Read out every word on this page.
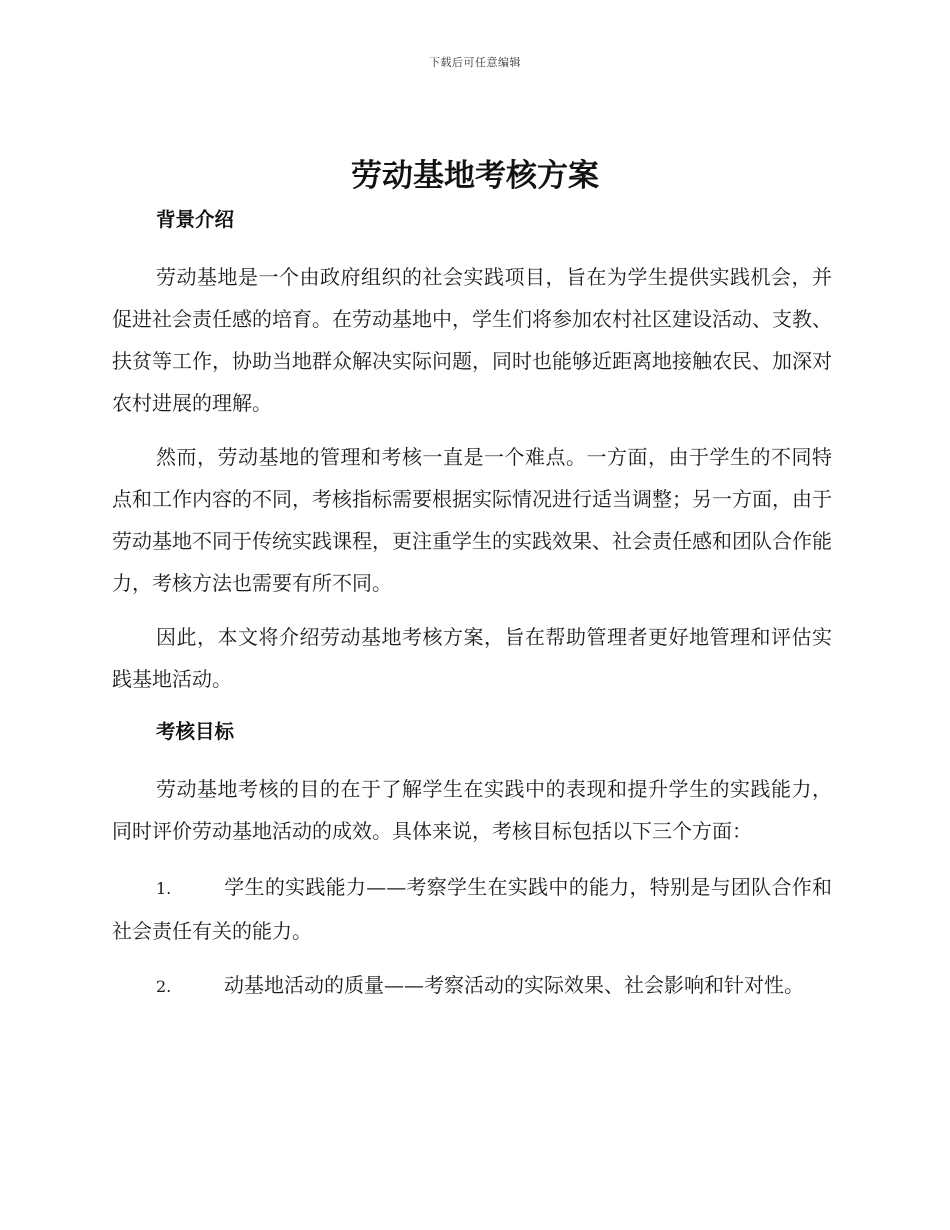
下载后可任意编辑
劳动基地考核方案
背景介绍

劳动基地是一个由政府组织的社会实践项目，旨在为学生提供实践机会，并促进社会责任感的培育。在劳动基地中，学生们将参加农村社区建设活动、支教、扶贫等工作，协助当地群众解决实际问题，同时也能够近距离地接触农民、加深对农村进展的理解。

然而，劳动基地的管理和考核一直是一个难点。一方面，由于学生的不同特点和工作内容的不同，考核指标需要根据实际情况进行适当调整；另一方面，由于劳动基地不同于传统实践课程，更注重学生的实践效果、社会责任感和团队合作能力，考核方法也需要有所不同。

因此，本文将介绍劳动基地考核方案，旨在帮助管理者更好地管理和评估实践基地活动。

考核目标

劳动基地考核的目的在于了解学生在实践中的表现和提升学生的实践能力，同时评价劳动基地活动的成效。具体来说，考核目标包括以下三个方面：

1.	学生的实践能力——考察学生在实践中的能力，特别是与团队合作和社会责任有关的能力。
2.	动基地活动的质量——考察活动的实际效果、社会影响和针对性。
